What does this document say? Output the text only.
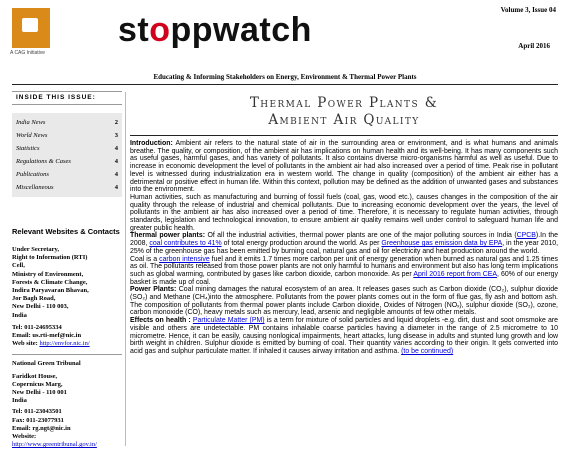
A CAG Initiative
stoppwatch
Volume 3, Issue 04
April 2016
Educating & Informing Stakeholders on Energy, Environment & Thermal Power Plants
INSIDE THIS ISSUE:
India News	2
World News	3
Statistics	4
Regulations & Cases	4
Publications	4
Miscellaneous	4
Relevant Websites & Contacts
Under Secretary,
Right to Information (RTI)
Cell,
Ministry of Environment,
Forests & Climate Change,
Indira Paryavaran Bhavan,
Jor Bagh Road,
New Delhi - 110 003,
India
Tel: 011-24695334
Email: us.rti-mef@nic.in
Web site: http://envfor.nic.in/
National Green Tribunal
Faridkot House,
Copernicus Marg,
New Delhi - 110 001
India
Tel: 011-23043501
Fax: 011-23077931
Email: rg.ngt@nic.in
Website: http://www.greentribunal.gov.in/
Thermal Power Plants &
Ambient Air Quality

Introduction: Ambient air refers to the natural state of air in the surrounding area or environment, and is what humans and animals breathe. The quality, or composition, of the ambient air has implications on human health and its well-being. It has many components such as useful gases, harmful gases, and has variety of pollutants. It also contains diverse micro-organisms harmful as well as useful. Due to increase in economic development the level of pollutants in the ambient air had also increased over a period of time. Peak rise in pollutant level is witnessed during industrialization era in western world. The change in quality (composition) of the ambient air either has a detrimental or positive effect in human life. Within this context, pollution may be defined as the addition of unwanted gases and substances into the environment.

Human activities, such as manufacturing and burning of fossil fuels (coal, gas, wood etc.), causes changes in the composition of the air quality through the release of industrial and chemical pollutants. Due to increasing economic development over the years, the level of pollutants in the ambient air has also increased over a period of time. Therefore, it is necessary to regulate human activities, through standards, legislation and technological innovation, to ensure ambient air quality remains well under control to safeguard human life and greater public health.

Thermal power plants: Of all the industrial activities, thermal power plants are one of the major polluting sources in India (CPCB).In the 2008, coal contributes to 41% of total energy production around the world. As per Greenhouse gas emission data by EPA, in the year 2010, 25% of the greenhouse gas has been emitted by burning coal, natural gas and oil for electricity and heat production around the world.

Coal is a carbon intensive fuel and it emits 1.7 times more carbon per unit of energy generation when burned as natural gas and 1.25 times as oil. The pollutants released from those power plants are not only harmful to humans and environment but also has long term implications such as global warming, contributed by gases like carbon dioxide, carbon monoxide. As per April 2016 report from CEA, 60% of our energy basket is made up of coal.

Power Plants: Coal mining damages the natural ecosystem of an area. It releases gases such as Carbon dioxide (CO₂), sulphur dioxide (SO₂) and Methane (CH₄)into the atmosphere. Pollutants from the power plants comes out in the form of flue gas, fly ash and bottom ash. The composition of pollutants from thermal power plants include Carbon dioxide, Oxides of Nitrogen (NOₓ), sulphur dioxide (SO₂), ozone, carbon monoxide (CO), heavy metals such as mercury, lead, arsenic and negligible amounts of few other metals.

Effects on health : Particulate Matter (PM) is a term for mixture of solid particles and liquid droplets -e.g. dirt, dust and soot omsmoke are visible and others are undetectable. PM contains inhalable coarse particles having a diameter in the range of 2.5 micrometre to 10 micrometre. Hence, it can be easily, causing nonlogical impairments, heart attacks, lung disease in adults and stunted lung growth and low birth weight in children. Sulphur dioxide is emitted by burning of coal. Their quantity varies according to their origin. It gets converted into acid gas and sulphur particulate matter. If inhaled it causes airway irritation and asthma. (to be continued)
